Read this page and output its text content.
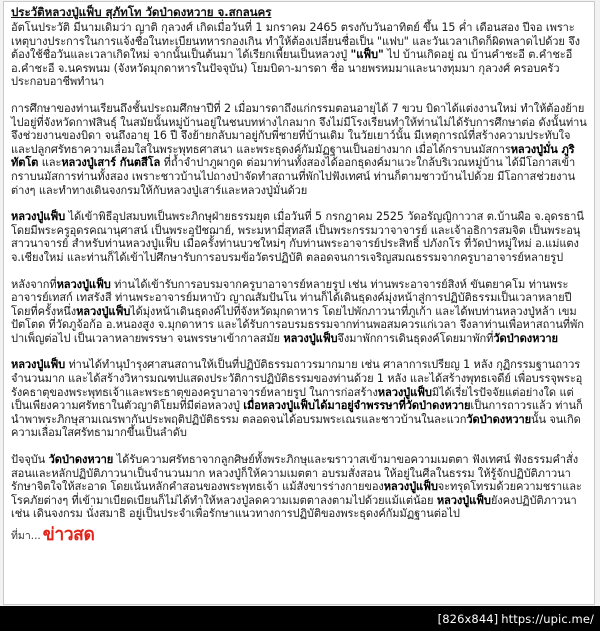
ประวัติหลวงปู่แฟ็บ สุภัทโท วัดป่าดงหวาย จ.สกลนคร

อัตโนประวัติ มีนามเดิมว่า ญาติ กุลวงศ์ เกิดเมื่อวันที่ 1 มกราคม 2465 ตรงกับวันอาทิตย์ ขึ้น 15 ค่ำ เดือนสอง ปีจอ เพราะเหตุบางประการในการแจ้งชื่อในทะเบียนทหารกองเกิน ทำให้ต้องเปลี่ยนชื่อเป็น "แฟบ" และวันเวลาเกิดก็ผิดพลาดไปด้วย จึงต้องใช้ชื่อวันและเวลาเกิดใหม่ จากนั้นเป็นต้นมา ได้เรียกเพี้ยนเป็นหลวงปู่ "แฟ็บ" ไป บ้านเกิดอยู่ ณ บ้านคำชะอี ต.คำชะอี อ.คำชะอี จ.นครพนม (จังหวัดมุกดาหารในปัจจุบัน) โยมบิดา-มารดา ชื่อ นายพรหมมาและนางทุมมา กุลวงศ์ ครอบครัวประกอบอาชีพทำนา

การศึกษาของท่านเรียนถึงชั้นประถมศึกษาปีที่ 2 เมื่อมารดาถึงแก่กรรมตอนอายุได้ 7 ขวบ บิดาได้แต่งงานใหม่ ทำให้ต้องย้ายไปอยู่ที่จังหวัดกาฬสินธุ์ ในสมัยนั้นหมู่บ้านอยู่ในชนบทห่างไกลมาก จึงไม่มีโรงเรียนทำให้ท่านไม่ได้รับการศึกษาต่อ ดังนั้นท่านจึงช่วยงานของบิดา จนถึงอายุ 16 ปี จึงย้ายกลับมาอยู่กับพี่ชายที่บ้านเดิม ในวัยเยาว์นั้น มีเหตุการณ์ที่สร้างความประทับใจและปลูกศรัทธาความเลื่อมใสในพระพุทธศาสนา และพระธุดงค์กัมมัฏฐานเป็นอย่างมาก เมื่อได้กราบนมัสการหลวงปู่มั่น ภูริทัตโต และหลวงปู่เสาร์ กันตสีโล ที่ถ้ำจำปาภูผากูด ต่อมาท่านทั้งสองได้ออกธุดงค์มาแวะใกล้บริเวณหมู่บ้าน ได้มีโอกาสเข้ากราบนมัสการท่านทั้งสอง เพราะชาวบ้านไปถางป่าจัดทำสถานที่พักไปฟังเทศน์ ท่านก็ตามชาวบ้านไปด้วย มีโอกาสช่วยงานต่างๆ และทำทางเดินจงกรมให้กับหลวงปู่เสาร์และหลวงปู่มั่นด้วย

หลวงปู่แฟ็บ ได้เข้าพิธีอุปสมบทเป็นพระภิกษุฝ่ายธรรมยุต เมื่อวันที่ 5 กรกฎาคม 2525 วัดอรัญญิกาวาส ต.บ้านผือ จ.อุดรธานี โดยมีพระครูอุดรคณานุศาสน์ เป็นพระอุปัชฌาย์, พระมหามี่สุทสลี เป็นพระกรรมวาจาจารย์ และเจ้าอธิการสมจิต เป็นพระอนุสาวนาจารย์ สำหรับท่านหลวงปู่แฟ็บ เมื่อครั้งท่านบวชใหม่ๆ กับท่านพระอาจารย์ประสิทธิ์ ปภังกโร ที่วัดป่าหมู่ใหม่ อ.แม่แตง จ.เชียงใหม่ และท่านก็ได้เข้าไปศึกษารับการอบรมข้อวัตรปฏิบัติ ตลอดจนการเจริญสมณธรรมจากครูบาอาจารย์หลายรูป

หลังจากที่หลวงปู่แฟ็บ ท่านได้เข้ารับการอบรมจากครูบาอาจารย์หลายรูป เช่น ท่านพระอาจารย์สิงห์ ขันตยาคโม ท่านพระอาจารย์เทสก์ เทสรังสี ท่านพระอาจารย์มหาบัว ญาณสัมปันโน ท่านก็ได้เดินธุดงค์มุ่งหน้าสู่การปฏิบัติธรรมเป็นเวลาหลายปี โดยที่ครั้งหนึ่งหลวงปู่แฟ็บได้มุ่งหน้าเดินธุดงค์ไปที่จังหวัดมุกดาหาร โดยไปพักภาวนาที่ภูเก้า และได้พบท่านหลวงปู่หล้า เขมปัตโตด ที่วัดภูจ้อก้อ อ.หนองสูง จ.มุกดาหาร และได้รับการอบรมธรรมจากท่านพอสมควรแก่เวลา จึงลาท่านเพื่อหาสถานที่พักปาเพ็ญต่อไป เป็นเวลาหลายพรรษา จนพรรษาเข้ากาลสมัย หลวงปู่แฟ็บจึงมาพักการเดินธุดงค์โดยมาพักที่วัดป่าดงหวาย

หลวงปู่แฟ็บ ท่านได้ทำนุบำรุงศาสนสถานให้เป็นที่ปฏิบัติธรรมถาวรมากมาย เช่น ศาลาการเปรียญ 1 หลัง กุฏิกรรมฐานถาวรจำนวนมาก และได้สร้างวิหารมณฑปแสดงประวัติการปฏิบัติธรรมของท่านด้วย 1 หลัง และได้สร้างพุทธเจดีย์ เพื่อบรรจุพระอุรังคธาตุของพระพุทธเจ้าและพระธาตุของครูบาอาจารย์หลายรูป ในการก่อสร้างหลวงปู่แฟ็บมิได้เรี่ยไรปัจจัยแต่อย่างใด แต่เป็นเพียงความศรัทธาในตัวญาติโยมที่มีต่อหลวงปู่ เมื่อหลวงปู่แฟ็บได้มาอยู่จำพรรษาที่วัดป่าดงหวายเป็นการถาวรแล้ว ท่านก็นำพาพระภิกษุสามเณรพากันประพฤติปฏิบัติธรรม ตลอดจนได้อบรมพระเณรและชาวบ้านในละแวกวัดป่าดงหวายนั้น จนเกิดความเลื่อมใสศรัทธามากขึ้นเป็นลำดับ

ปัจจุบัน วัดป่าดงหวาย ได้รับความศรัทธาจากลูกศิษย์ทั้งพระภิกษุและฆราวาสเข้ามาขอความเมตตา ฟังเทศน์ ฟังธรรมคำสั่งสอนและหลักปฏิบัติภาวนาเป็นจำนวนมาก หลวงปู่ก็ให้ความเมตตา อบรมสั่งสอน ให้อยู่ในศีลในธรรม ให้รู้จักปฏิบัติภาวนารักษาจิตใจให้สะอาด โดยเน้นหลักคำสอนของพระพุทธเจ้า แม้สังขารร่างกายของหลวงปู่แฟ็บจะทรุดโทรมด้วยความชราและโรคภัยต่างๆ ที่เข้ามาเบียดเบียนก็ไม่ได้ทำให้หลวงปู่ลดความเมตตาลงตามไปด้วยแม้แต่น้อย หลวงปู่แฟ็บยังคงปฏิบัติภาวนา เช่น เดินจงกรม นั่งสมาธิ อยู่เป็นประจำเพื่อรักษาแนวทางการปฏิบัติของพระธุดงค์กัมมัฏฐานต่อไป

ที่มา... ข่าวสด
[826x844] https://upic.me/
